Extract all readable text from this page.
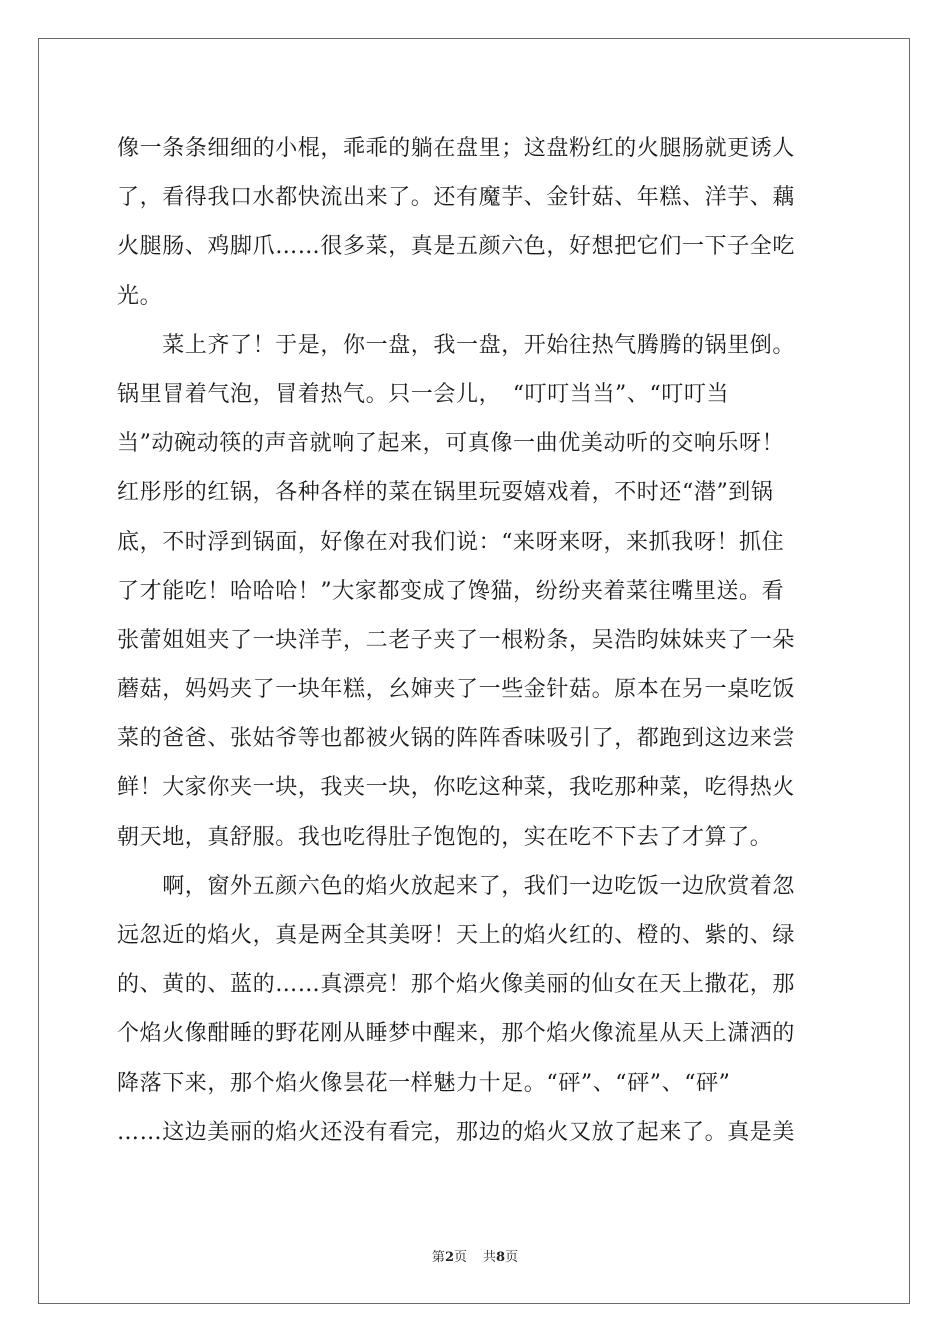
像一条条细细的小棍，乖乖的躺在盘里；这盘粉红的火腿肠就更诱人
了，看得我口水都快流出来了。还有魔芋、金针菇、年糕、洋芋、藕
火腿肠、鸡脚爪……很多菜，真是五颜六色，好想把它们一下子全吃
光。
　　菜上齐了！于是，你一盘，我一盘，开始往热气腾腾的锅里倒。
锅里冒着气泡，冒着热气。只一会儿，　“叮叮当当”、“叮叮当
当”动碗动筷的声音就响了起来，可真像一曲优美动听的交响乐呀！
红彤彤的红锅，各种各样的菜在锅里玩耍嬉戏着，不时还“潜”到锅
底，不时浮到锅面，好像在对我们说：“来呀来呀，来抓我呀！抓住
了才能吃！哈哈哈！”大家都变成了馋猫，纷纷夹着菜往嘴里送。看
张蕾姐姐夹了一块洋芋，二老子夹了一根粉条，吴浩昀妹妹夹了一朵
蘑菇，妈妈夹了一块年糕，幺婶夹了一些金针菇。原本在另一桌吃饭
菜的爸爸、张姑爷等也都被火锅的阵阵香味吸引了，都跑到这边来尝
鲜！大家你夹一块，我夹一块，你吃这种菜，我吃那种菜，吃得热火
朝天地，真舒服。我也吃得肚子饱饱的，实在吃不下去了才算了。
　　啊，窗外五颜六色的焰火放起来了，我们一边吃饭一边欣赏着忽
远忽近的焰火，真是两全其美呀！天上的焰火红的、橙的、紫的、绿
的、黄的、蓝的……真漂亮！那个焰火像美丽的仙女在天上撒花，那
个焰火像酣睡的野花刚从睡梦中醒来，那个焰火像流星从天上潇洒的
降落下来，那个焰火像昙花一样魅力十足。“砰”、“砰”、“砰”
……这边美丽的焰火还没有看完，那边的焰火又放了起来了。真是美
第2页 共8页
